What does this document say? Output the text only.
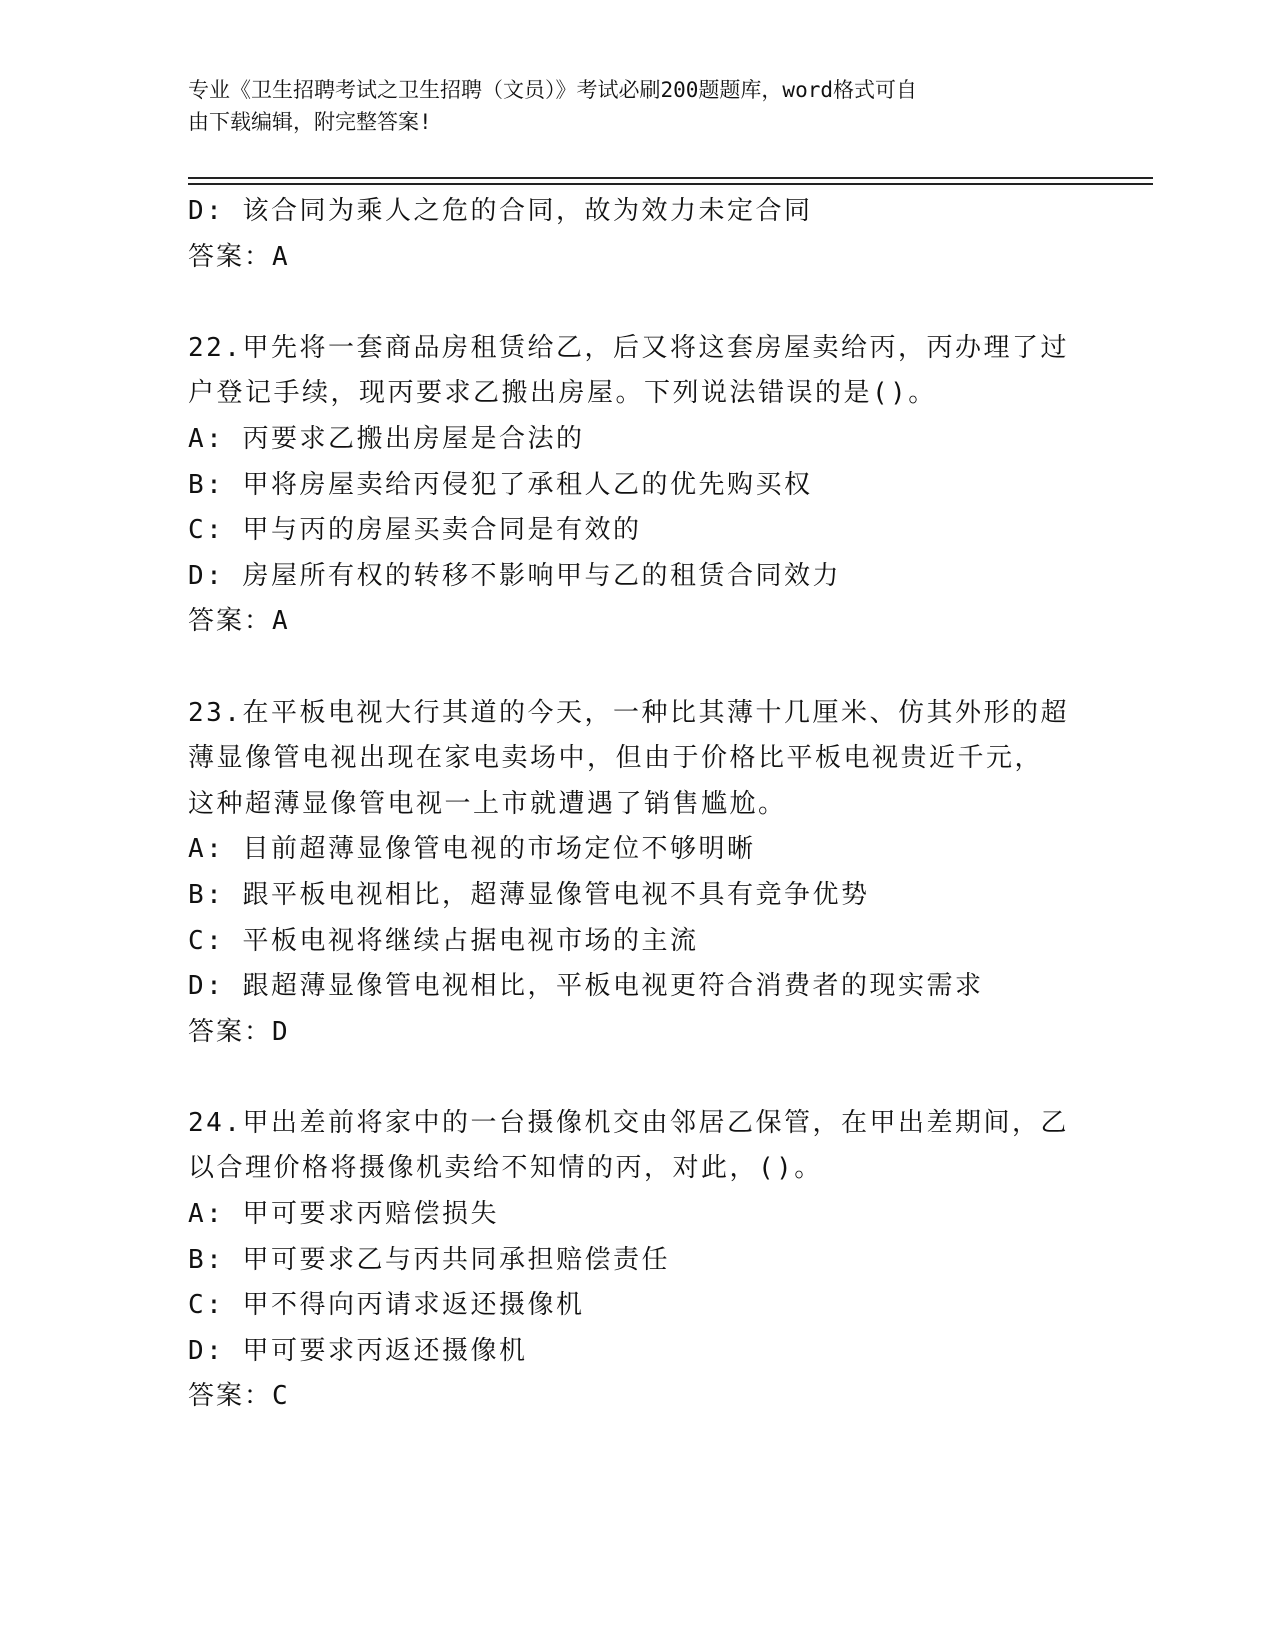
专业《卫生招聘考试之卫生招聘（文员）》考试必刷200题题库，word格式可自
由下载编辑，附完整答案!
D: 该合同为乘人之危的合同，故为效力未定合同
答案：A
22.甲先将一套商品房租赁给乙，后又将这套房屋卖给丙，丙办理了过
户登记手续，现丙要求乙搬出房屋。下列说法错误的是()。
A: 丙要求乙搬出房屋是合法的
B: 甲将房屋卖给丙侵犯了承租人乙的优先购买权
C: 甲与丙的房屋买卖合同是有效的
D: 房屋所有权的转移不影响甲与乙的租赁合同效力
答案：A
23.在平板电视大行其道的今天，一种比其薄十几厘米、仿其外形的超
薄显像管电视出现在家电卖场中，但由于价格比平板电视贵近千元，
这种超薄显像管电视一上市就遭遇了销售尴尬。
A: 目前超薄显像管电视的市场定位不够明晰
B: 跟平板电视相比，超薄显像管电视不具有竞争优势
C: 平板电视将继续占据电视市场的主流
D: 跟超薄显像管电视相比，平板电视更符合消费者的现实需求
答案：D
24.甲出差前将家中的一台摄像机交由邻居乙保管，在甲出差期间，乙
以合理价格将摄像机卖给不知情的丙，对此，()。
A: 甲可要求丙赔偿损失
B: 甲可要求乙与丙共同承担赔偿责任
C: 甲不得向丙请求返还摄像机
D: 甲可要求丙返还摄像机
答案：C
